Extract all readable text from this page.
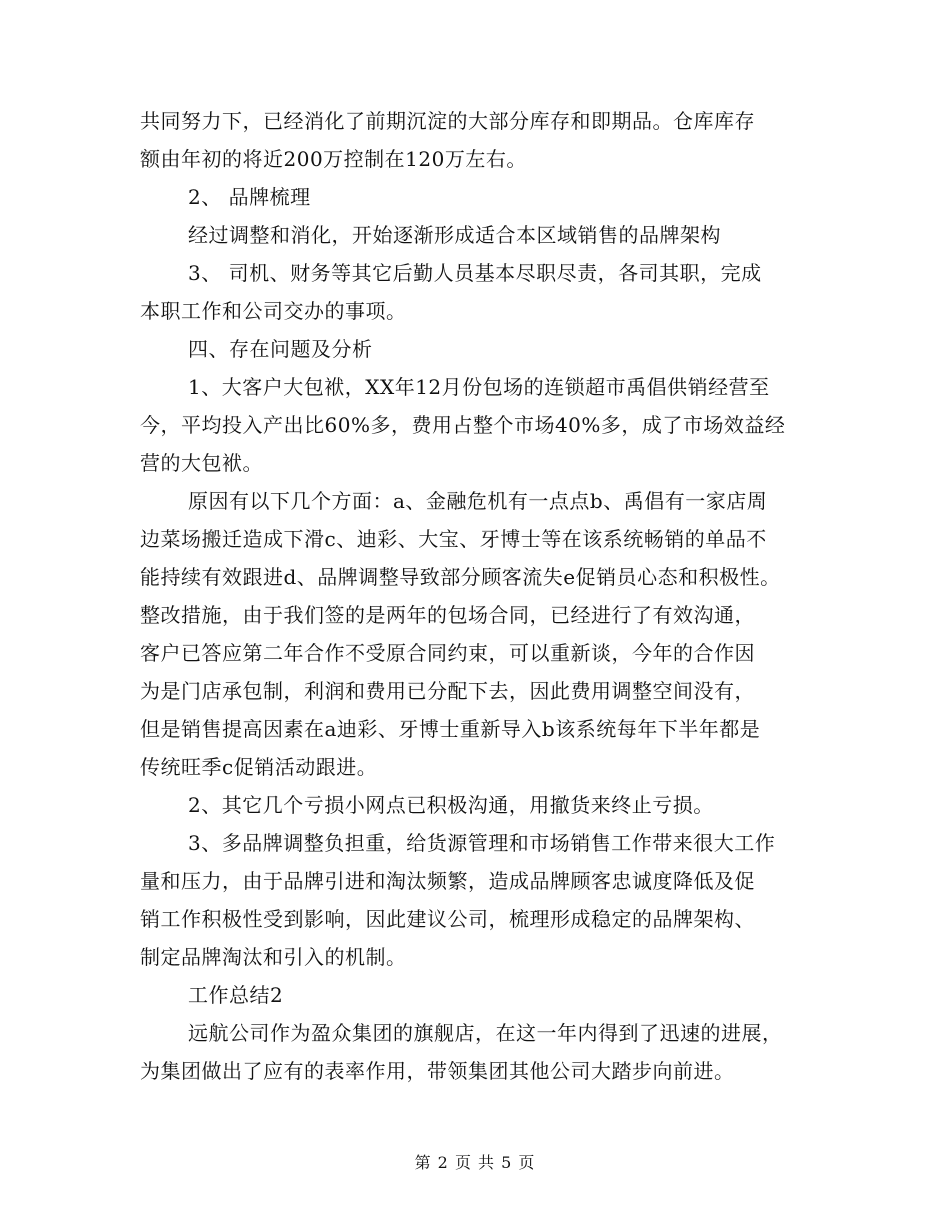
共同努力下，已经消化了前期沉淀的大部分库存和即期品。仓库库存
额由年初的将近200万控制在120万左右。
2、 品牌梳理
经过调整和消化，开始逐渐形成适合本区域销售的品牌架构
3、 司机、财务等其它后勤人员基本尽职尽责，各司其职，完成
本职工作和公司交办的事项。
四、存在问题及分析
1、大客户大包袱，XX年12月份包场的连锁超市禹倡供销经营至
今，平均投入产出比60%多，费用占整个市场40%多，成了市场效益经
营的大包袱。
原因有以下几个方面：a、金融危机有一点点b、禹倡有一家店周
边菜场搬迁造成下滑c、迪彩、大宝、牙博士等在该系统畅销的单品不
能持续有效跟进d、品牌调整导致部分顾客流失e促销员心态和积极性。
整改措施，由于我们签的是两年的包场合同，已经进行了有效沟通，
客户已答应第二年合作不受原合同约束，可以重新谈，今年的合作因
为是门店承包制，利润和费用已分配下去，因此费用调整空间没有，
但是销售提高因素在a迪彩、牙博士重新导入b该系统每年下半年都是
传统旺季c促销活动跟进。
2、其它几个亏损小网点已积极沟通，用撤货来终止亏损。
3、多品牌调整负担重，给货源管理和市场销售工作带来很大工作
量和压力，由于品牌引进和淘汰频繁，造成品牌顾客忠诚度降低及促
销工作积极性受到影响，因此建议公司，梳理形成稳定的品牌架构、
制定品牌淘汰和引入的机制。
工作总结2
远航公司作为盈众集团的旗舰店，在这一年内得到了迅速的进展，
为集团做出了应有的表率作用，带领集团其他公司大踏步向前进。
第 2 页 共 5 页
